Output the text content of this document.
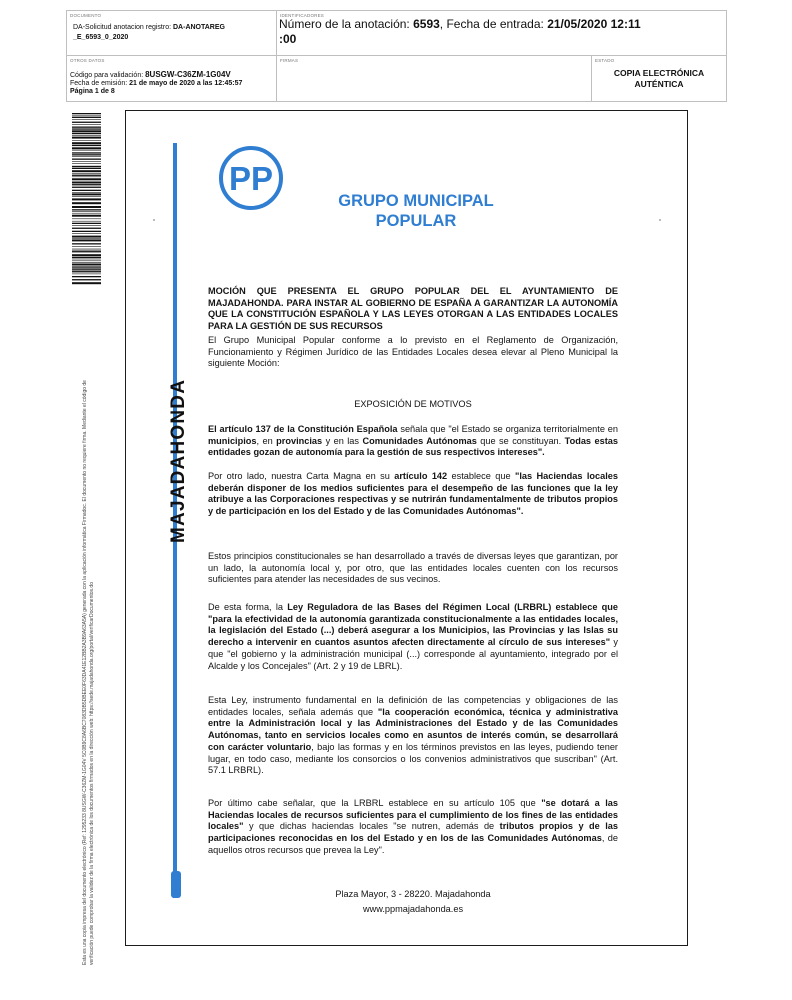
DOCUMENTO
DA-Solicitud anotacion registro: DA-ANOTAREG
_E_6593_0_2020
IDENTIFICADORES
Número de la anotación: 6593, Fecha de entrada: 21/05/2020 12:11
:00
OTROS DATOS
Código para validación: 8USGW-C36ZM-1G04V
Fecha de emisión: 21 de mayo de 2020 a las 12:45:57
Página 1 de 8
FIRMAS	ESTADO
COPIA ELECTRÓNICA
AUTÉNTICA
Esta es una copia impresa del documento electrónico (Ref: 1295233 8USGW-C36ZM-1G04V 5C0B9C8A6BC7083DB5DBEE0F63DA41E12BB2A3B9A63A5A) generada con la aplicación informática Firmadoc. El documento no requiere firma. Mediante el código de verificación puede comprobar la validez de la firma electrónica de los documentos firmados en la dirección web: https://sede.majadahonda.org/portal/verificarDocumentos.do
PP
GRUPO MUNICIPAL
POPULAR
MAJADAHONDA
MOCIÓN QUE PRESENTA EL GRUPO POPULAR DEL EL AYUNTAMIENTO DE MAJADAHONDA. PARA INSTAR AL GOBIERNO DE ESPAÑA A GARANTIZAR LA AUTONOMÍA QUE LA CONSTITUCIÓN ESPAÑOLA Y LAS LEYES OTORGAN A LAS ENTIDADES LOCALES PARA LA GESTIÓN DE SUS RECURSOS
El Grupo Municipal Popular conforme a lo previsto en el Reglamento de Organización, Funcionamiento y Régimen Jurídico de las Entidades Locales desea elevar al Pleno Municipal la siguiente Moción:
EXPOSICIÓN DE MOTIVOS
El artículo 137 de la Constitución Española señala que "el Estado se organiza territorialmente en municipios, en provincias y en las Comunidades Autónomas que se constituyan. Todas estas entidades gozan de autonomía para la gestión de sus respectivos intereses".
Por otro lado, nuestra Carta Magna en su artículo 142 establece que "las Haciendas locales deberán disponer de los medios suficientes para el desempeño de las funciones que la ley atribuye a las Corporaciones respectivas y se nutrirán fundamentalmente de tributos propios y de participación en los del Estado y de las Comunidades Autónomas".
Estos principios constitucionales se han desarrollado a través de diversas leyes que garantizan, por un lado, la autonomía local y, por otro, que las entidades locales cuenten con los recursos suficientes para atender las necesidades de sus vecinos.
De esta forma, la Ley Reguladora de las Bases del Régimen Local (LRBRL) establece que "para la efectividad de la autonomía garantizada constitucionalmente a las entidades locales, la legislación del Estado (...) deberá asegurar a los Municipios, las Provincias y las Islas su derecho a intervenir en cuantos asuntos afecten directamente al círculo de sus intereses" y que "el gobierno y la administración municipal (...) corresponde al ayuntamiento, integrado por el Alcalde y los Concejales" (Art. 2 y 19 de LBRL).
Esta Ley, instrumento fundamental en la definición de las competencias y obligaciones de las entidades locales, señala además que "la cooperación económica, técnica y administrativa entre la Administración local y las Administraciones del Estado y de las Comunidades Autónomas, tanto en servicios locales como en asuntos de interés común, se desarrollará con carácter voluntario, bajo las formas y en los términos previstos en las leyes, pudiendo tener lugar, en todo caso, mediante los consorcios o los convenios administrativos que suscriban" (Art. 57.1 LRBRL).
Por último cabe señalar, que la LRBRL establece en su artículo 105 que "se dotará a las Haciendas locales de recursos suficientes para el cumplimiento de los fines de las entidades locales" y que dichas haciendas locales "se nutren, además de tributos propios y de las participaciones reconocidas en los del Estado y en los de las Comunidades Autónomas, de aquellos otros recursos que prevea la Ley".
Plaza Mayor, 3 - 28220. Majadahonda
www.ppmajadahonda.es
